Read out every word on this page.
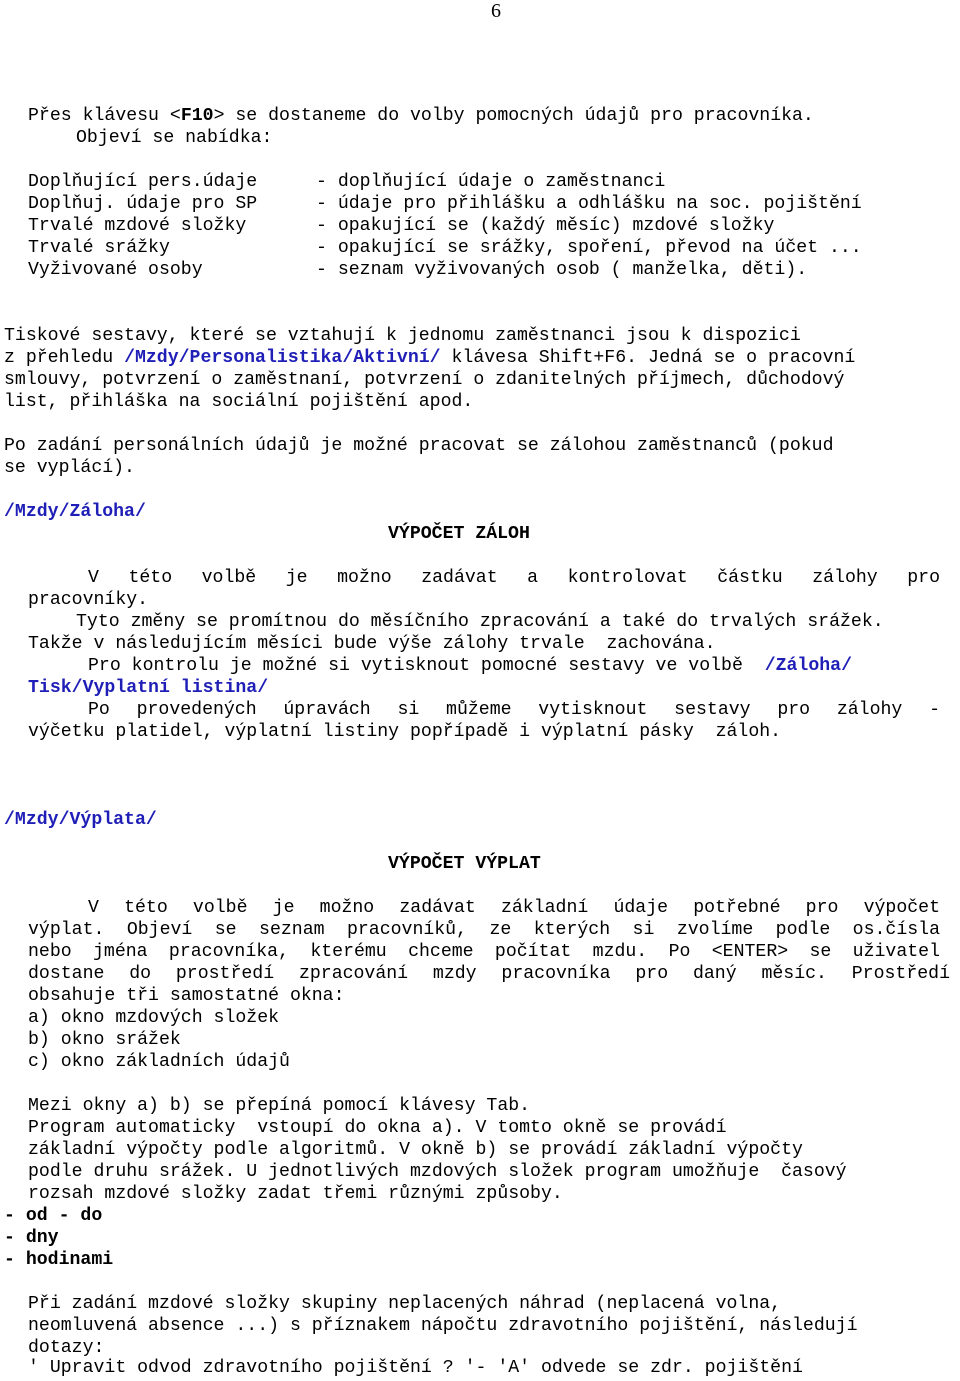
6
Přes klávesu <F10> se dostaneme do volby pomocných údajů pro pracovníka.
Objeví se nabídka:
Doplňující pers.údaje	- doplňující údaje o zaměstnanci
Doplňuj. údaje pro SP	- údaje pro přihlášku a odhlášku na soc. pojištění
Trvalé mzdové složky	- opakující se (každý měsíc) mzdové složky
Trvalé srážky	- opakující se srážky, spoření, převod na účet ...
Vyživované osoby	- seznam vyživovaných osob ( manželka, děti).
Tiskové sestavy, které se vztahují k jednomu zaměstnanci jsou k dispozici
z přehledu /Mzdy/Personalistika/Aktivní/ klávesa Shift+F6. Jedná se o pracovní
smlouvy, potvrzení o zaměstnaní, potvrzení o zdanitelných příjmech, důchodový
list, přihláška na sociální pojištění apod.
Po zadání personálních údajů je možné pracovat se zálohou zaměstnanců (pokud
se vyplácí).
/Mzdy/Záloha/
VÝPOČET ZÁLOH
V této volbě je možno zadávat a kontrolovat částku zálohy pro
pracovníky.
Tyto změny se promítnou do měsíčního zpracování a také do trvalých srážek.
Takže v následujícím měsíci bude výše zálohy trvale  zachována.
Pro kontrolu je možné si vytisknout pomocné sestavy ve volbě  /Záloha/
Tisk/Vyplatní listina/
Po provedených úpravách si můžeme vytisknout sestavy pro zálohy -
výčetku platidel, výplatní listiny popřípadě i výplatní pásky  záloh.
/Mzdy/Výplata/
VÝPOČET VÝPLAT
V této volbě je možno zadávat základní údaje potřebné pro výpočet
výplat. Objeví se seznam pracovníků, ze kterých si zvolíme podle os.čísla
nebo jména pracovníka, kterému chceme počítat mzdu. Po <ENTER> se uživatel
dostane do prostředí zpracování mzdy pracovníka pro daný měsíc. Prostředí
obsahuje tři samostatné okna:
a) okno mzdových složek
b) okno srážek
c) okno základních údajů
Mezi okny a) b) se přepíná pomocí klávesy Tab.
Program automaticky  vstoupí do okna a). V tomto okně se provádí
základní výpočty podle algoritmů. V okně b) se provádí základní výpočty
podle druhu srážek. U jednotlivých mzdových složek program umožňuje  časový
rozsah mzdové složky zadat třemi různými způsoby.
- od - do
- dny
- hodinami
Při zadání mzdové složky skupiny neplacených náhrad (neplacená volna,
neomluvená absence ...) s příznakem nápočtu zdravotního pojištění, následují
dotazy:
' Upravit odvod zdravotního pojištění ? '- 'A' odvede se zdr. pojištění
